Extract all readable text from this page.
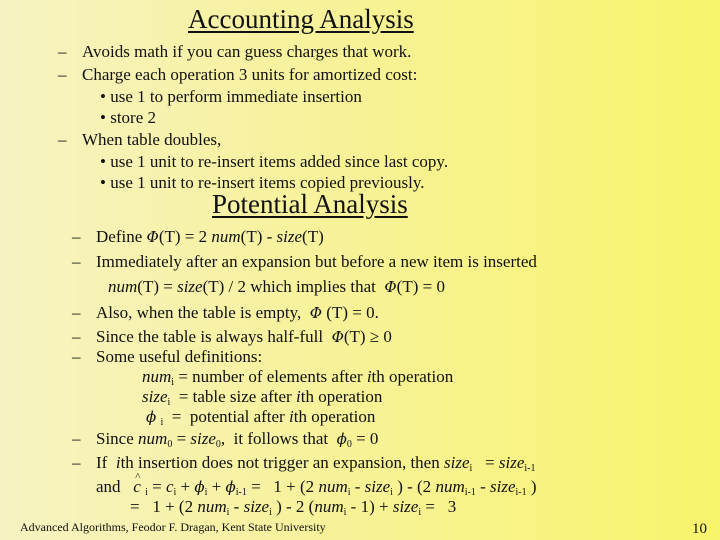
Accounting Analysis
– Avoids math if you can guess charges that work.
– Charge each operation 3 units for amortized cost:
• use 1 to perform immediate insertion
• store 2
– When table doubles,
• use 1 unit to re-insert items added since last copy.
• use 1 unit to re-insert items copied previously.
Potential Analysis
– Define Φ(T) = 2 num(T) - size(T)
– Immediately after an expansion but before a new item is inserted
num(T) = size(T) / 2 which implies that  Φ(T) = 0
– Also, when the table is empty,  Φ (T) = 0.
– Since the table is always half-full  Φ(T) ≥ 0
– Some useful definitions:
num$_i$ = number of elements after ith operation
size$_i$  = table size after ith operation
ϕ $_i$  =  potential after ith operation
– Since num$_0$ = size$_0$,  it follows that  $\phi_0 = 0$
– If  ith insertion does not trigger an expansion, then size$_i$   = size$_{i-1}$
and   ^ c $_i = c_i + \phi_i + \phi_{i-1} = 1 + (2$ num$_i$ - size$_i$ ) - (2 num$_{i-1}$ - size$_{i-1}$ )
=   1 + (2 num$_i$ - size$_i$ ) - 2 (num$_i$ - 1) + size$_i$ =   3
Advanced Algorithms, Feodor F. Dragan, Kent State University	10
